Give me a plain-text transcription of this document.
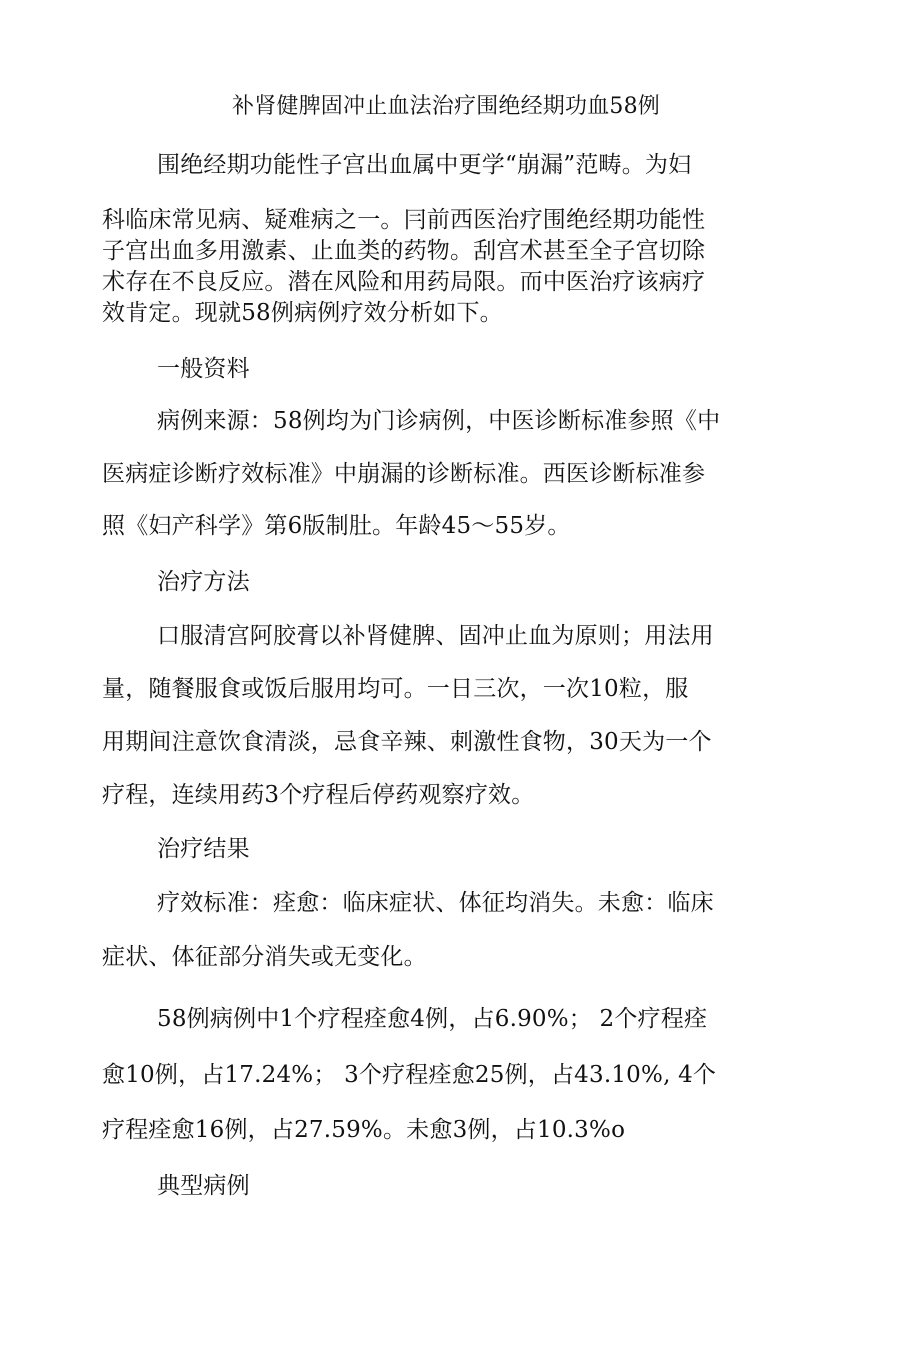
补肾健脾固冲止血法治疗围绝经期功血58例
围绝经期功能性子宫出血属中更学“崩漏”范畴。为妇
科临床常见病、疑难病之一。冃前西医治疗围绝经期功能性
子宫出血多用激素、止血类的药物。刮宫术甚至全子宫切除
术存在不良反应。潜在风险和用药局限。而中医治疗该病疗
效肯定。现就58例病例疗效分析如下。
一般资料
病例来源：58例均为门诊病例，中医诊断标准参照《中
医病症诊断疗效标准》中崩漏的诊断标准。西医诊断标准参
照《妇产科学》第6版制肚。年龄45～55岁。
治疗方法
口服清宫阿胶膏以补肾健脾、固冲止血为原则；用法用
量，随餐服食或饭后服用均可。一日三次，一次10粒，服
用期间注意饮食清淡，忌食辛辣、刺激性食物，30天为一个
疗程，连续用药3个疗程后停药观察疗效。
治疗结果
疗效标准：痊愈：临床症状、体征均消失。未愈：临床
症状、体征部分消失或无变化。
58例病例中1个疗程痊愈4例，占6.90%； 2个疗程痊
愈10例，占17.24%； 3个疗程痊愈25例，占43.10%, 4个
疗程痊愈16例，占27.59%。未愈3例，占10.3%o
典型病例
